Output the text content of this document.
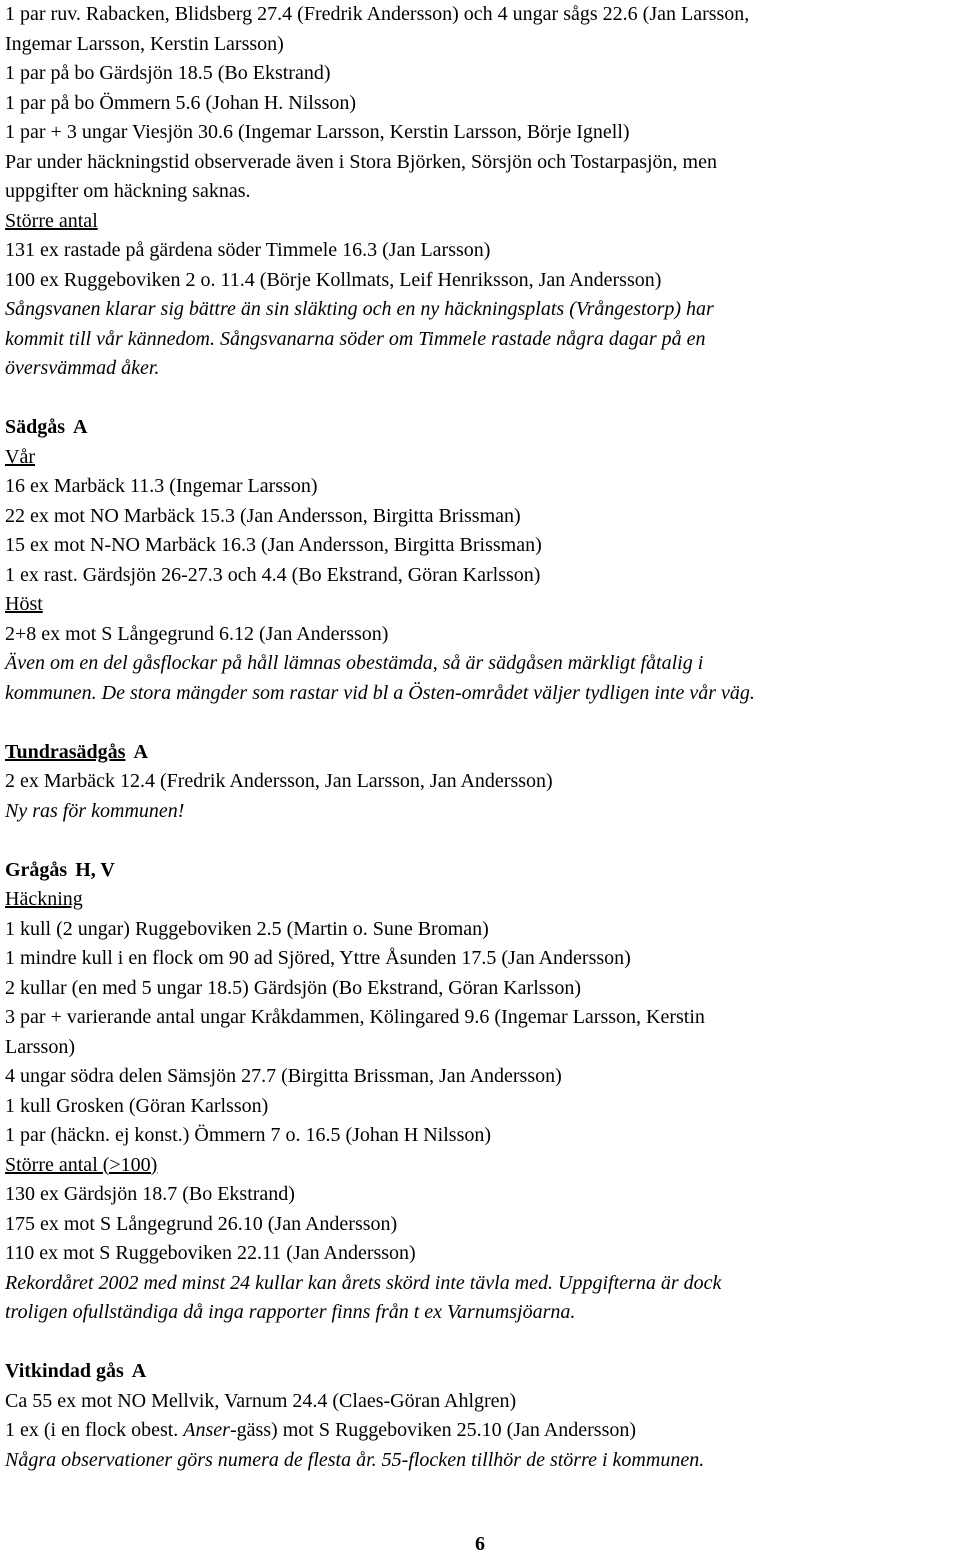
1 par ruv. Rabacken, Blidsberg 27.4 (Fredrik Andersson) och 4 ungar sågs 22.6 (Jan Larsson,
Ingemar Larsson, Kerstin Larsson)
1 par på bo Gärdsjön 18.5 (Bo Ekstrand)
1 par på bo Ömmern 5.6 (Johan H. Nilsson)
1 par + 3 ungar Viesjön 30.6 (Ingemar Larsson, Kerstin Larsson, Börje Ignell)
Par under häckningstid observerade även i Stora Björken, Sörsjön och Tostarpasjön, men
uppgifter om häckning saknas.
Större antal
131 ex rastade på gärdena söder Timmele 16.3 (Jan Larsson)
100 ex Ruggeboviken 2 o. 11.4 (Börje Kollmats, Leif Henriksson, Jan Andersson)
Sångsvanen klarar sig bättre än sin släkting och en ny häckningsplats (Vrångestorp) har
kommit till vår kännedom. Sångsvanarna söder om Timmele rastade några dagar på en
översvämmad åker.
Sädgås A
Vår
16 ex Marbäck 11.3 (Ingemar Larsson)
22 ex mot NO Marbäck 15.3 (Jan Andersson, Birgitta Brissman)
15 ex mot N-NO Marbäck 16.3 (Jan Andersson, Birgitta Brissman)
1 ex rast. Gärdsjön 26-27.3 och 4.4 (Bo Ekstrand, Göran Karlsson)
Höst
2+8 ex mot S Långegrund 6.12 (Jan Andersson)
Även om en del gåsflockar på håll lämnas obestämda, så är sädgåsen märkligt fåtalig i
kommunen. De stora mängder som rastar vid bl a Östen-området väljer tydligen inte vår väg.
Tundrasädgås A
2 ex Marbäck 12.4 (Fredrik Andersson, Jan Larsson, Jan Andersson)
Ny ras för kommunen!
Grågås H, V
Häckning
1 kull (2 ungar) Ruggeboviken 2.5 (Martin o. Sune Broman)
1 mindre kull i en flock om 90 ad Sjöred, Yttre Åsunden 17.5 (Jan Andersson)
2 kullar (en med 5 ungar 18.5) Gärdsjön (Bo Ekstrand, Göran Karlsson)
3 par + varierande antal ungar Kråkdammen, Kölingared 9.6 (Ingemar Larsson, Kerstin
Larsson)
4 ungar södra delen Sämsjön 27.7 (Birgitta Brissman, Jan Andersson)
1 kull Grosken (Göran Karlsson)
1 par (häckn. ej konst.) Ömmern 7 o. 16.5 (Johan H Nilsson)
Större antal (>100)
130 ex Gärdsjön 18.7 (Bo Ekstrand)
175 ex mot S Långegrund 26.10 (Jan Andersson)
110 ex mot S Ruggeboviken 22.11 (Jan Andersson)
Rekordåret 2002 med minst 24 kullar kan årets skörd inte tävla med. Uppgifterna är dock
troligen ofullständiga då inga rapporter finns från t ex Varnumsjöarna.
Vitkindad gås A
Ca 55 ex mot NO Mellvik, Varnum 24.4 (Claes-Göran Ahlgren)
1 ex (i en flock obest. Anser-gäss) mot S Ruggeboviken 25.10 (Jan Andersson)
Några observationer görs numera de flesta år. 55-flocken tillhör de större i kommunen.
6
